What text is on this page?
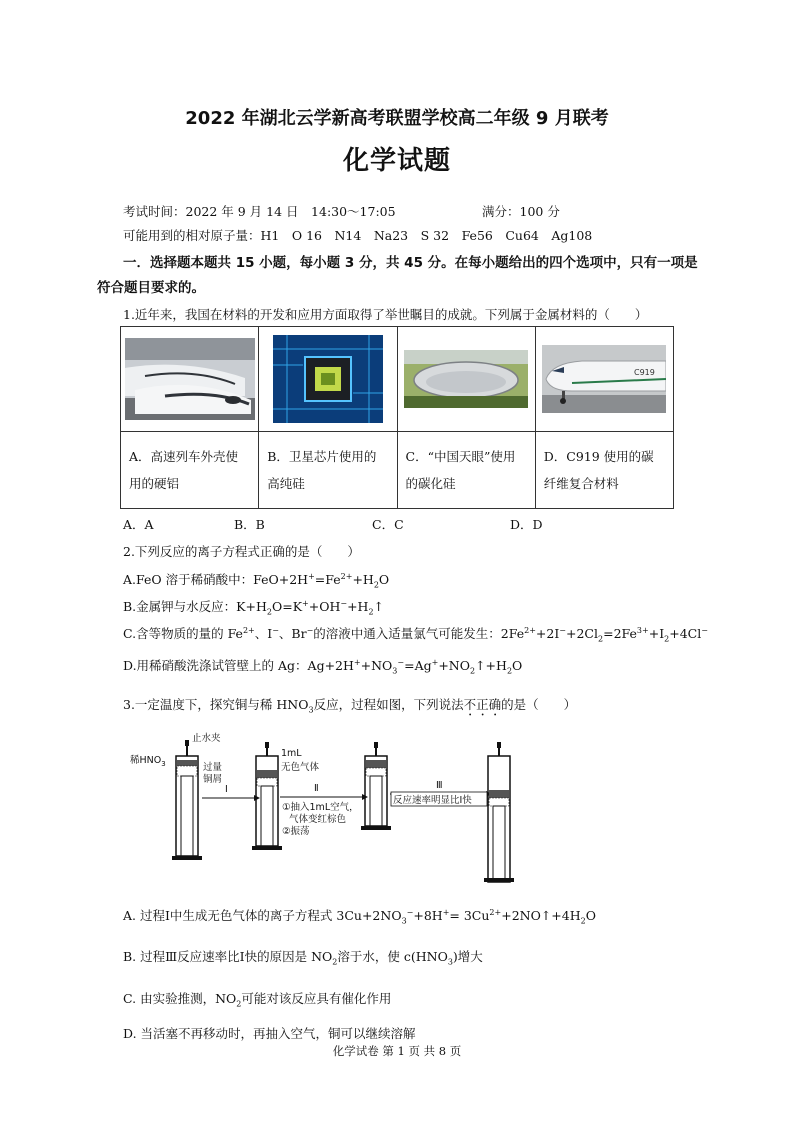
2022 年湖北云学新高考联盟学校高二年级 9 月联考
化学试题
考试时间：2022 年 9 月 14 日　14:30～17:05	满分：100 分
可能用到的相对原子量：H1　O 16　N14　Na23　S 32　Fe56　Cu64　Ag108
一．选择题本题共 15 小题，每小题 3 分，共 45 分。在每小题给出的四个选项中，只有一项是
符合题目要求的。
1.近年来，我国在材料的开发和应用方面取得了举世瞩目的成就。下列属于金属材料的（　　）

C919

A．高速列车外壳使用的硬铝	B．卫星芯片使用的高纯硅	C．“中国天眼”使用的碳化硅	D．C919 使用的碳纤维复合材料
A．A	B．B	C．C	D．D
2.下列反应的离子方程式正确的是（　　）
A.FeO 溶于稀硝酸中：$FeO+2H^+=Fe^{2+}+H_2O$
B.金属钾与水反应：$K+H_2O=K^++OH^-+H_2↑$
C.含等物质的量的 $Fe^{2+}$、I−、Br−的溶液中通入适量氯气可能发生：$2Fe^{2+}+2I^-+2Cl_2=2Fe^{3+}+I_2+4Cl^-$
D.用稀硝酸洗涤试管壁上的 Ag：$Ag+2H^++NO_3^-=Ag^++NO_2↑+H_2O$
3.一定温度下，探究铜与稀 $HNO_3$反应，过程如图，下列说法不正确的是（　　）
止水夹
稀$HNO_3$	过量
铜屑
Ⅰ
1mL
无色气体
Ⅱ
①抽入1mL空气，
气体变红棕色
②振荡
Ⅲ
反应速率明显比Ⅰ快
A. 过程Ⅰ中生成无色气体的离子方程式 $3Cu+2NO_3^-+8H^+=$ $3Cu^{2+}+2NO↑+4H_2O$
B. 过程Ⅲ反应速率比Ⅰ快的原因是 $NO_2$溶于水，使 $c(HNO_3)$增大
C. 由实验推测，$NO_2$可能对该反应具有催化作用
D. 当活塞不再移动时，再抽入空气，铜可以继续溶解
化学试卷 第 1 页 共 8 页
